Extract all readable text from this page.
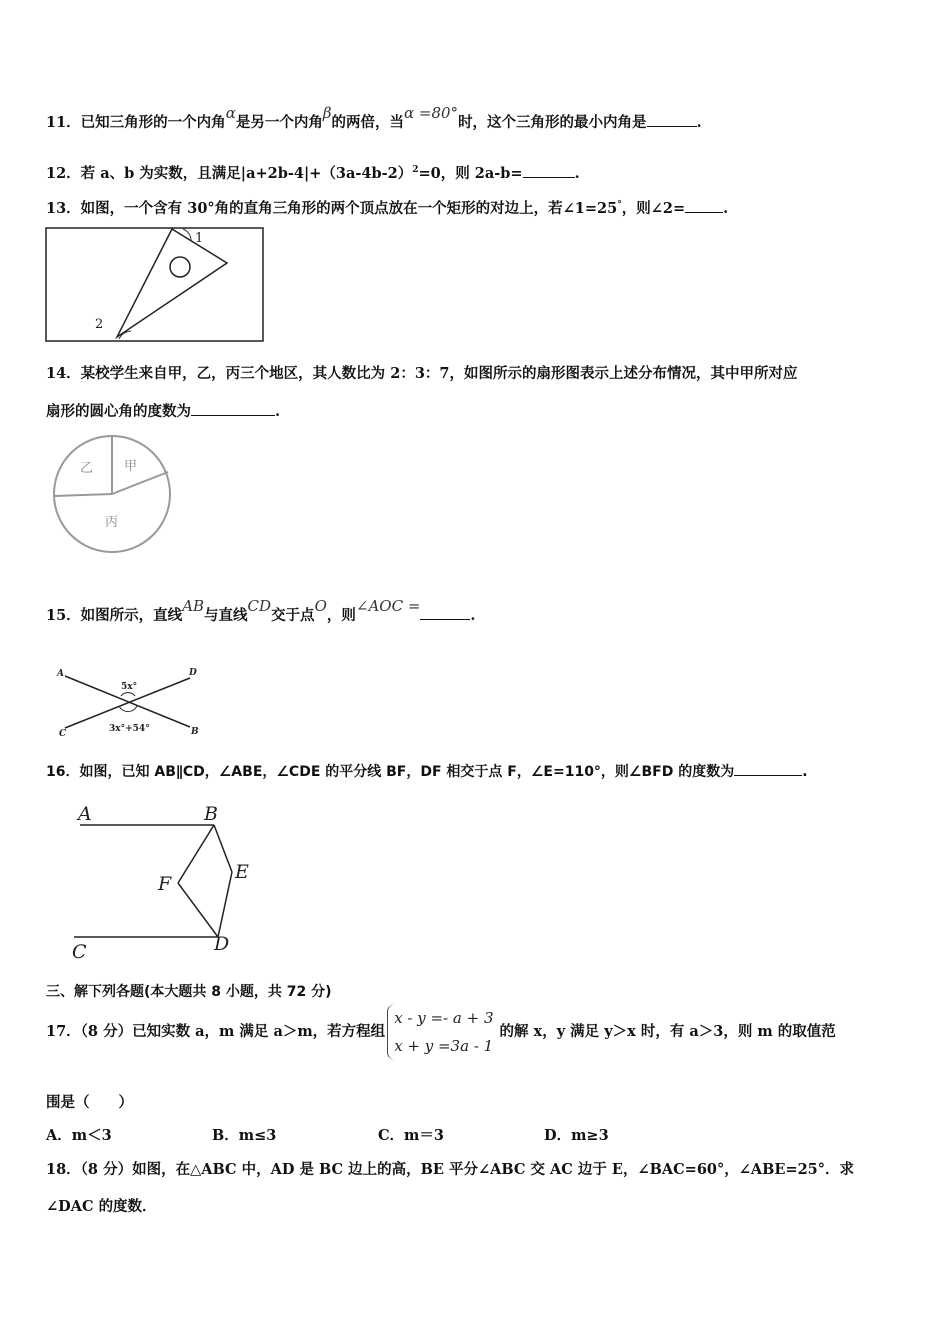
11．已知三角形的一个内角α是另一个内角β的两倍，当α =80°时，这个三角形的最小内角是	.
12．若 a、b 为实数，且满足$|a+2b-4|+(3a-4b-2)^2=0$，则 2a-b=	.
13．如图，一个含有 30°角的直角三角形的两个顶点放在一个矩形的对边上，若∠1=25°，则∠2=	.
1
2
14．某校学生来自甲，乙，丙三个地区，其人数比为 2：3：7，如图所示的扇形图表示上述分布情况，其中甲所对应
扇形的圆心角的度数为	.
甲
乙
丙
15．如图所示，直线AB与直线CD交于点O，则∠AOC =.
A	D
C	B
5x°
3x°+54°
16．如图，已知 AB∥CD，∠ABE，∠CDE 的平分线 BF，DF 相交于点 F，∠E=110°，则∠BFD 的度数为	.
A	B
C	D
E
F
三、解下列各题(本大题共 8 小题，共 72 分)
17．（8 分）已知实数 a，m 满足 a＞m，若方程组
x - y =- a + 3
x + y =3a - 1
的解 x，y 满足 y＞x 时，有 a＞3，则 m 的取值范
围是（　　）
A．m＜3	B．m≤3	C．m＝3	D．m≥3
18．（8 分）如图，在△ABC 中，AD 是 BC 边上的高，BE 平分∠ABC 交 AC 边于 E，∠BAC=60°，∠ABE=25°．求
∠DAC 的度数．
